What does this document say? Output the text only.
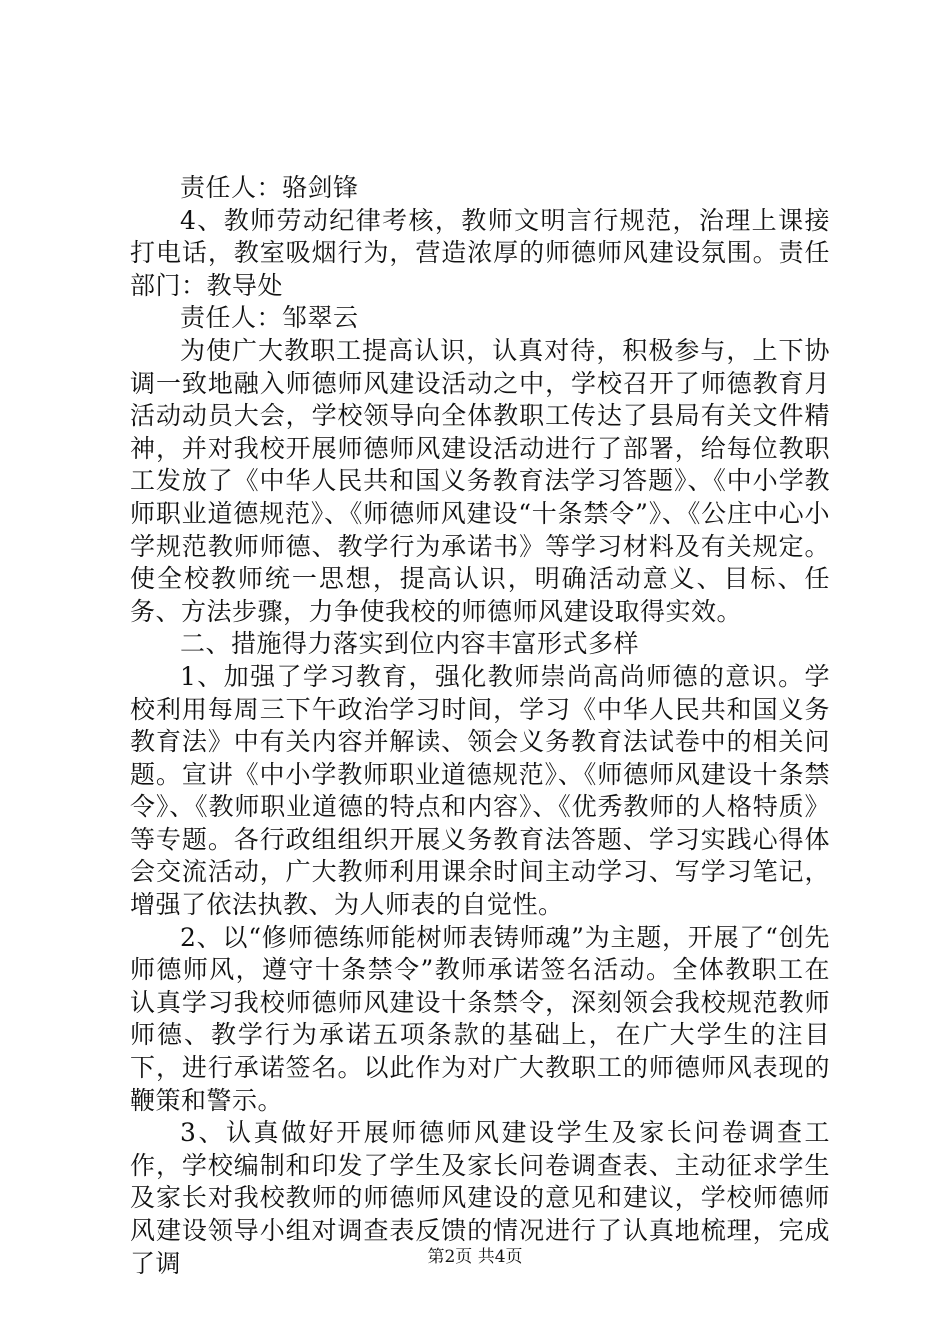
责任人：骆剑锋

4、教师劳动纪律考核，教师文明言行规范，治理上课接打电话，教室吸烟行为，营造浓厚的师德师风建设氛围。责任部门：教导处

责任人：邹翠云

为使广大教职工提高认识，认真对待，积极参与，上下协调一致地融入师德师风建设活动之中，学校召开了师德教育月活动动员大会，学校领导向全体教职工传达了县局有关文件精神，并对我校开展师德师风建设活动进行了部署，给每位教职工发放了《中华人民共和国义务教育法学习答题》、《中小学教师职业道德规范》、《师德师风建设“十条禁令”》、《公庄中心小学规范教师师德、教学行为承诺书》等学习材料及有关规定。使全校教师统一思想，提高认识，明确活动意义、目标、任务、方法步骤，力争使我校的师德师风建设取得实效。

二、措施得力落实到位内容丰富形式多样

1、加强了学习教育，强化教师崇尚高尚师德的意识。学校利用每周三下午政治学习时间，学习《中华人民共和国义务教育法》中有关内容并解读、领会义务教育法试卷中的相关问题。宣讲《中小学教师职业道德规范》、《师德师风建设十条禁令》、《教师职业道德的特点和内容》、《优秀教师的人格特质》等专题。各行政组组织开展义务教育法答题、学习实践心得体会交流活动，广大教师利用课余时间主动学习、写学习笔记，增强了依法执教、为人师表的自觉性。

2、以“修师德练师能树师表铸师魂”为主题，开展了“创先师德师风，遵守十条禁令”教师承诺签名活动。全体教职工在认真学习我校师德师风建设十条禁令，深刻领会我校规范教师师德、教学行为承诺五项条款的基础上，在广大学生的注目下，进行承诺签名。以此作为对广大教职工的师德师风表现的鞭策和警示。

3、认真做好开展师德师风建设学生及家长问卷调查工作，学校编制和印发了学生及家长问卷调查表、主动征求学生及家长对我校教师的师德师风建设的意见和建议，学校师德师风建设领导小组对调查表反馈的情况进行了认真地梳理，完成了调	第2页 共4页
